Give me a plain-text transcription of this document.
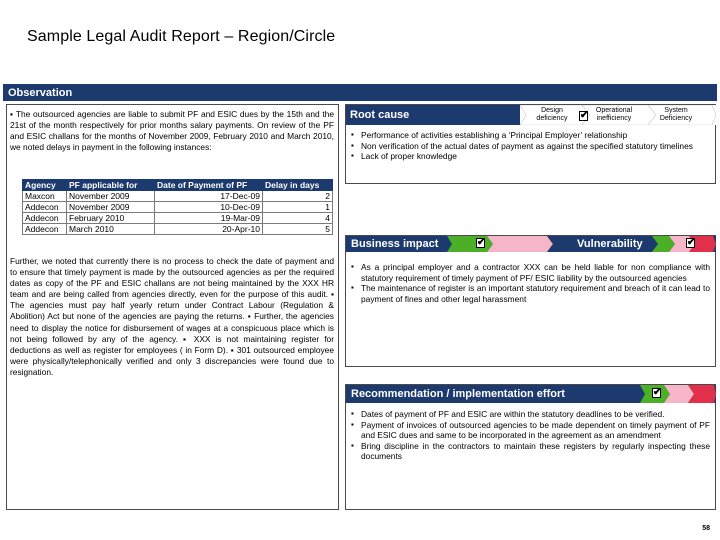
Sample Legal Audit Report – Region/Circle
Observation
▪ The outsourced agencies are liable to submit PF and ESIC dues by the 15th and the 21st of the month respectively for prior months salary payments. On review of the PF and ESIC challans for the months of November 2009, February 2010 and March 2010, we noted delays in payment in the following instances:
Agency	PF applicable for	Date of Payment of PF	Delay in days
Maxcon	November 2009	17-Dec-09	2
Addecon	November 2009	10-Dec-09	1
Addecon	February 2010	19-Mar-09	4
Addecon	March 2010	20-Apr-10	5
Further, we noted that currently there is no process to check the date of payment and to ensure that timely payment is made by the outsourced agencies as per the required dates as copy of the PF and ESIC challans are not being maintained by the XXX HR team and are being called from agencies directly, even for the purpose of this audit. ▪ The agencies must pay half yearly return under Contract Labour (Regulation & Abolition) Act but none of the agencies are paying the returns. ▪ Further, the agencies need to display the notice for disbursement of wages at a conspicuous place which is not being followed by any of the agency. ▪ XXX is not maintaining register for deductions as well as register for employees ( in Form D). ▪ 301 outsourced employee were physically/telephonically verified and only 3 discrepancies were found due to resignation.
Root cause	Design deficiency
Operational inefficiency
System Deficiency
✔
▪ Performance of activities establishing a ‘Principal Employer’ relationship
▪ Non verification of the actual dates of payment as against the specified statutory timelines
▪ Lack of proper knowledge
Business impact	✔	Vulnerability	✔
▪ As a principal employer and a contractor XXX can be held liable for non compliance with statutory requirement of timely payment of PF/ ESIC liability by the outsourced agencies
▪ The maintenance of register is an important statutory requirement and breach of it can lead to payment of fines and other legal harassment
Recommendation / implementation effort	✔
▪ Dates of payment of PF and ESIC are within the statutory deadlines to be verified.
▪ Payment of invoices of outsourced agencies to be made dependent on timely payment of PF and ESIC dues and same to be incorporated in the agreement as an amendment
▪ Bring discipline in the contractors to maintain these registers by regularly inspecting these documents
58
